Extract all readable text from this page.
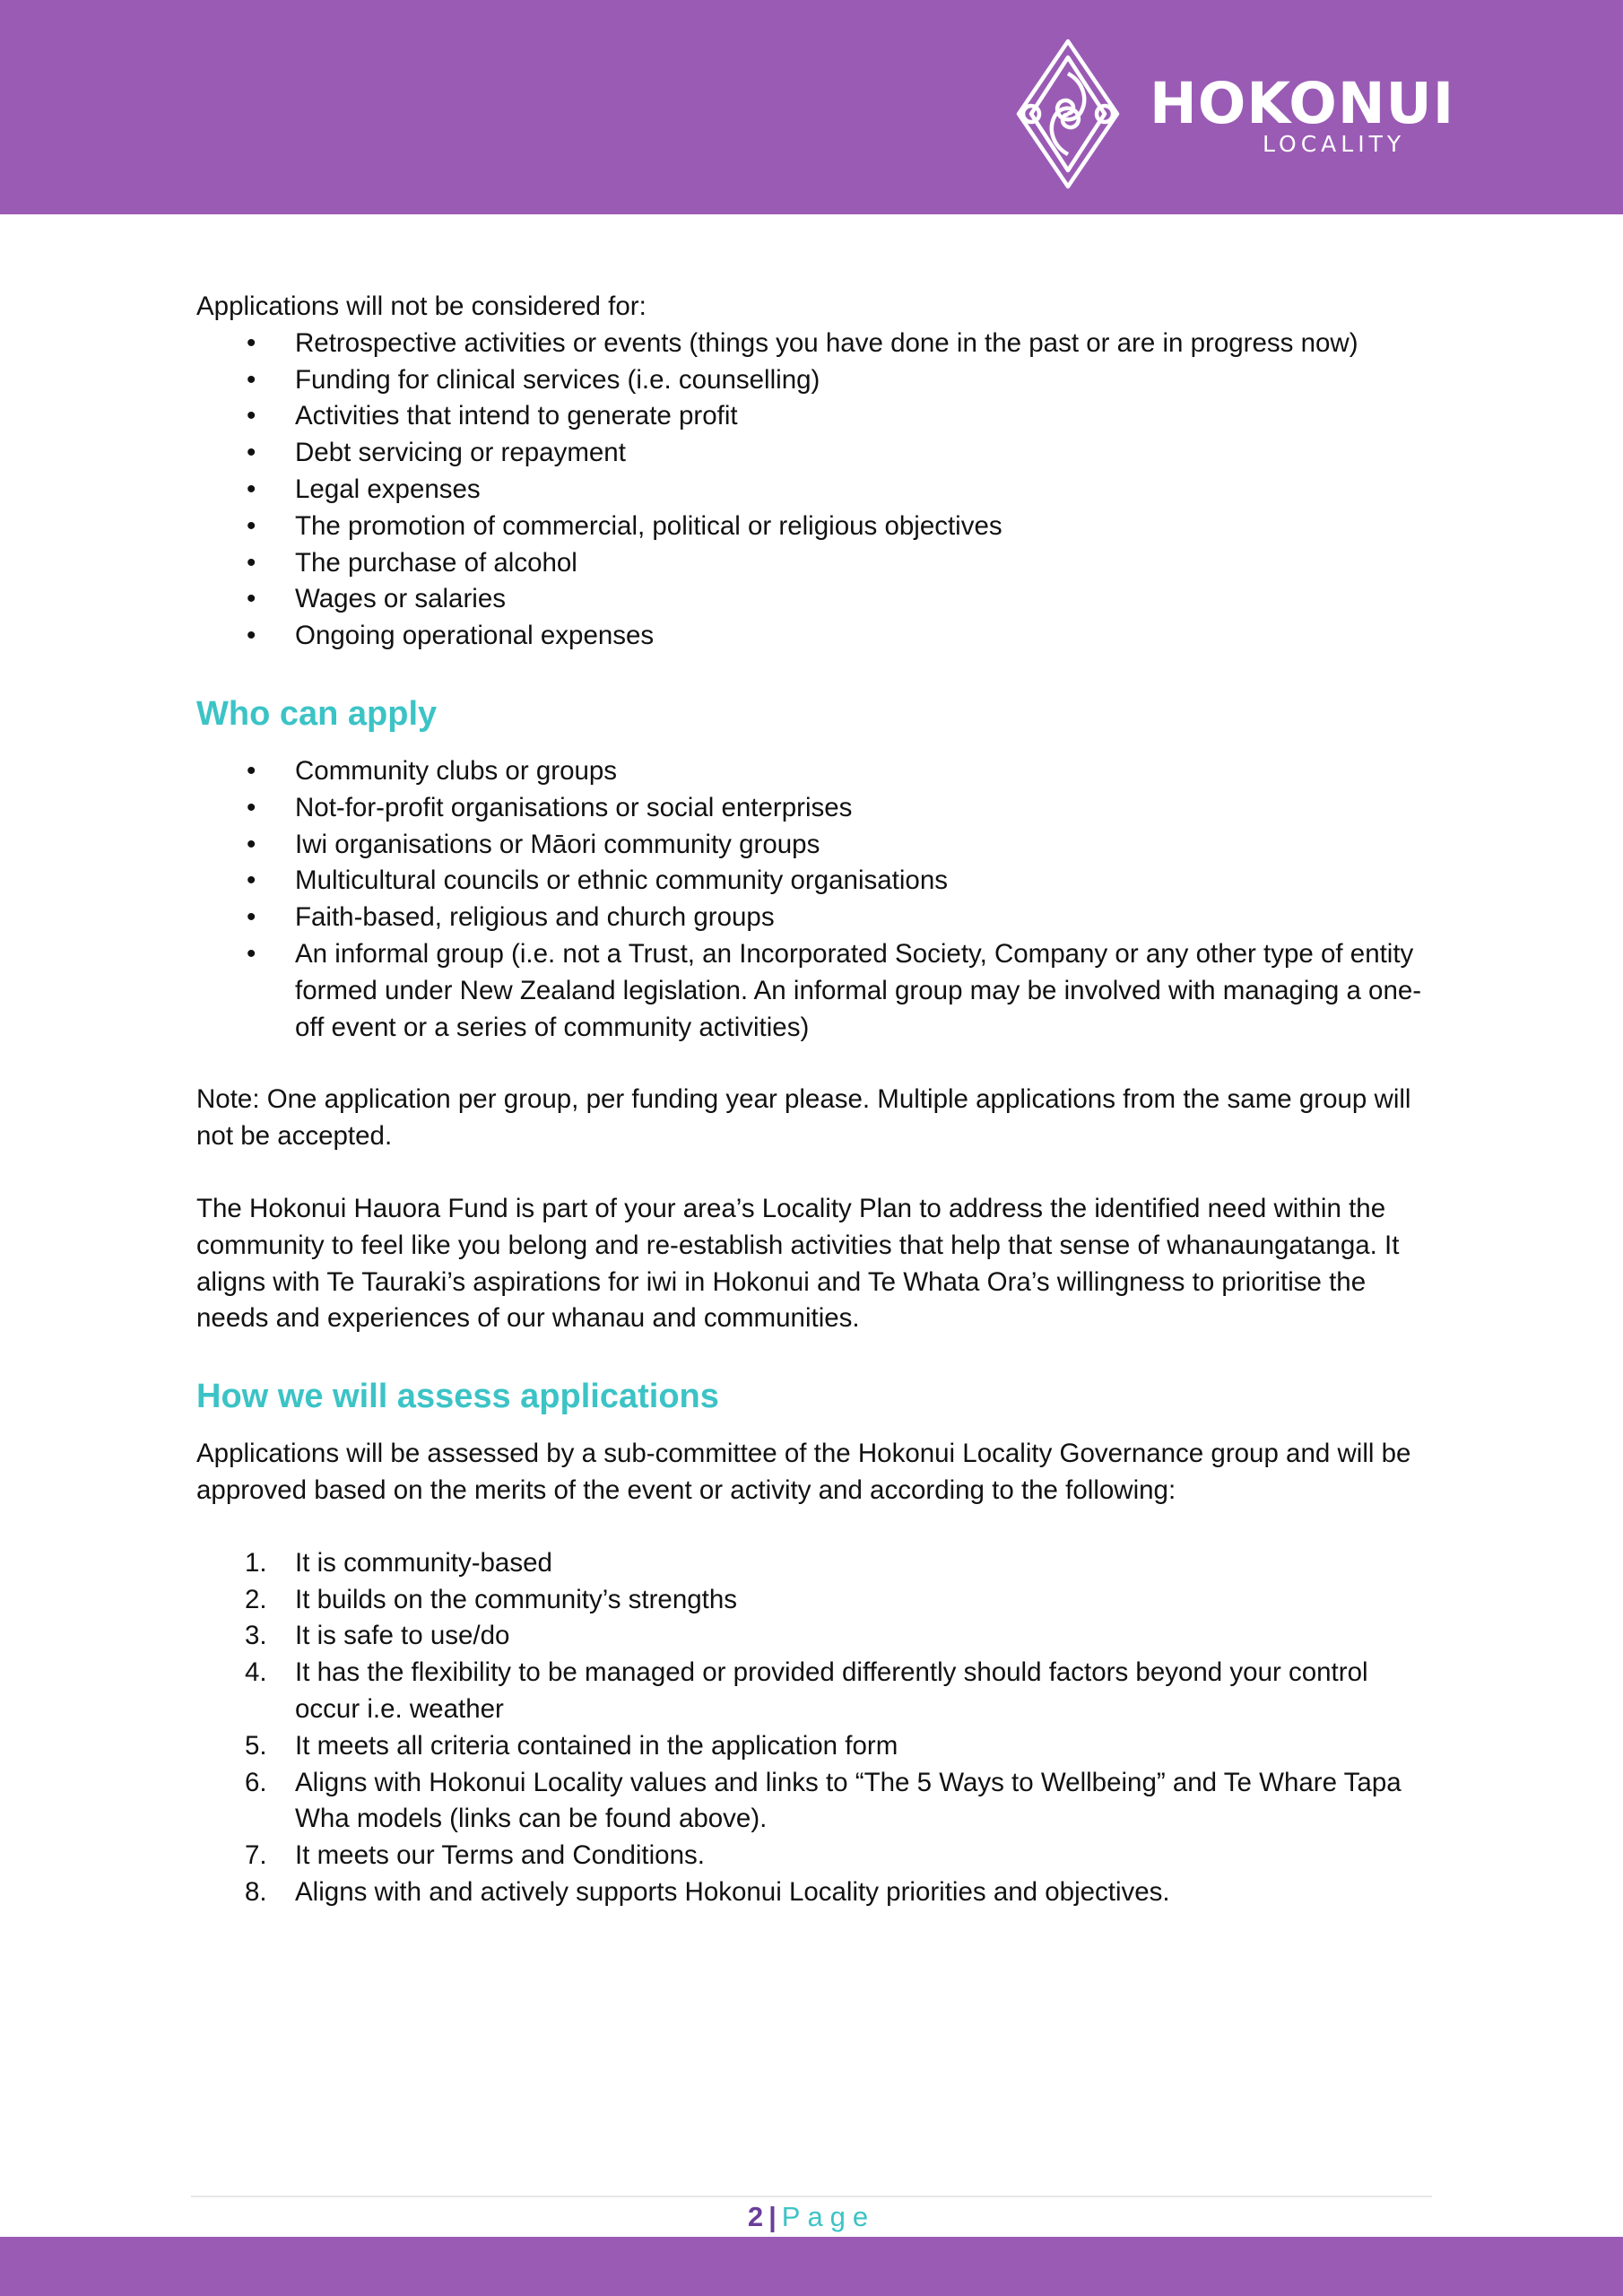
HOKONUI
LOCALITY

Applications will not be considered for:

•	Retrospective activities or events (things you have done in the past or are in progress now)
•	Funding for clinical services (i.e. counselling)
•	Activities that intend to generate profit
•	Debt servicing or repayment
•	Legal expenses
•	The promotion of commercial, political or religious objectives
•	The purchase of alcohol
•	Wages or salaries
•	Ongoing operational expenses
Who can apply
•	Community clubs or groups
•	Not-for-profit organisations or social enterprises
•	Iwi organisations or Māori community groups
•	Multicultural councils or ethnic community organisations
•	Faith-based, religious and church groups
•	An informal group (i.e. not a Trust, an Incorporated Society, Company or any other type of entity formed under New Zealand legislation. An informal group may be involved with managing a one-off event or a series of community activities)

Note: One application per group, per funding year please. Multiple applications from the same group will not be accepted.

The Hokonui Hauora Fund is part of your area’s Locality Plan to address the identified need within the community to feel like you belong and re-establish activities that help that sense of whanaungatanga. It aligns with Te Tauraki’s aspirations for iwi in Hokonui and Te Whata Ora’s willingness to prioritise the needs and experiences of our whanau and communities.

How we will assess applications

Applications will be assessed by a sub-committee of the Hokonui Locality Governance group and will be approved based on the merits of the event or activity and according to the following:

1.	It is community-based
2.	It builds on the community’s strengths
3.	It is safe to use/do
4.	It has the flexibility to be managed or provided differently should factors beyond your control occur i.e. weather
5.	It meets all criteria contained in the application form
6.	Aligns with Hokonui Locality values and links to “The 5 Ways to Wellbeing” and Te Whare Tapa Wha models (links can be found above).
7.	It meets our Terms and Conditions.
8.	Aligns with and actively supports Hokonui Locality priorities and objectives.
2 | Page
